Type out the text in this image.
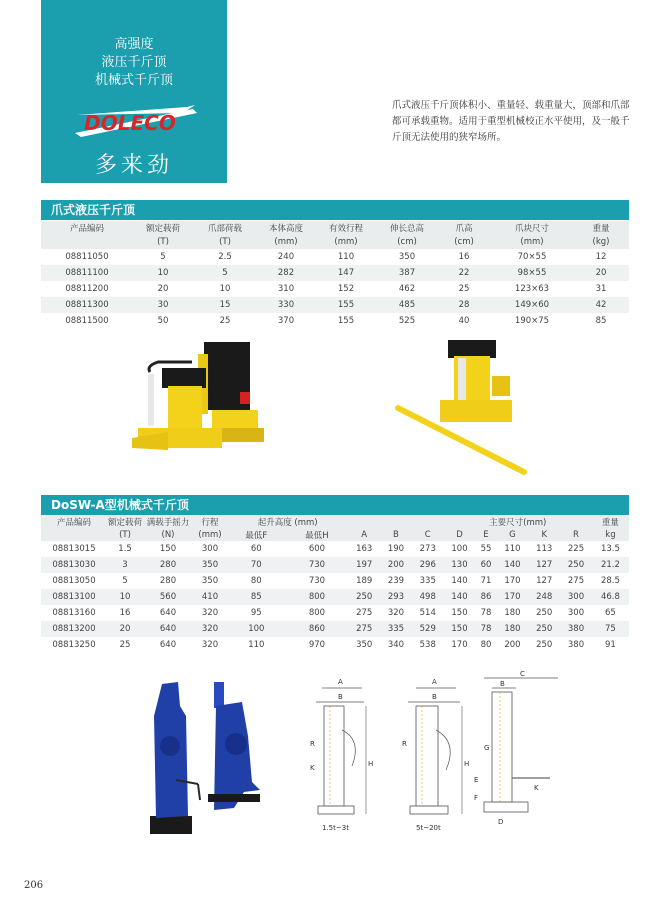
高强度
液压千斤顶
机械式千斤顶
DOLECO
多来劲
爪式液压千斤顶体积小、重量轻、载重量大，顶部和爪部都可承载重物。适用于重型机械校正水平使用，及一般千斤顶无法使用的狭窄场所。
爪式液压千斤顶
产品编码	额定载荷	爪部荷载	本体高度	有效行程	伸长总高	爪高	爪块尺寸	重量
	(T)	(T)	(mm)	(mm)	(cm)	(cm)	(mm)	(kg)
08811050	5	2.5	240	110	350	16	70×55	12
08811100	10	5	282	147	387	22	98×55	20
08811200	20	10	310	152	462	25	123×63	31
08811300	30	15	330	155	485	28	149×60	42
08811500	50	25	370	155	525	40	190×75	85
DoSW-A型机械式千斤顶
产品编码	额定载荷	满载手摇力	行程	起升高度 (mm)					主要尺寸(mm)					重量
	(T)	(N)	(mm)	最低F	最低H	A	B	C	D	E	G	K	R	kg
08813015	1.5	150	300	60	600	163	190	273	100	55	110	113	225	13.5
08813030	3	280	350	70	730	197	200	296	130	60	140	127	250	21.2
08813050	5	280	350	80	730	189	239	335	140	71	170	127	275	28.5
08813100	10	560	410	85	800	250	293	498	140	86	170	248	300	46.8
08813160	16	640	320	95	800	275	320	514	150	78	180	250	300	65
08813200	20	640	320	100	860	275	335	529	150	78	180	250	380	75
08813250	25	640	320	110	970	350	340	538	170	80	200	250	380	91
A
B
H
R
K
1.5t~3t
A
B
H
R
5t~20t
C
B
E
F
D
K
G
206
